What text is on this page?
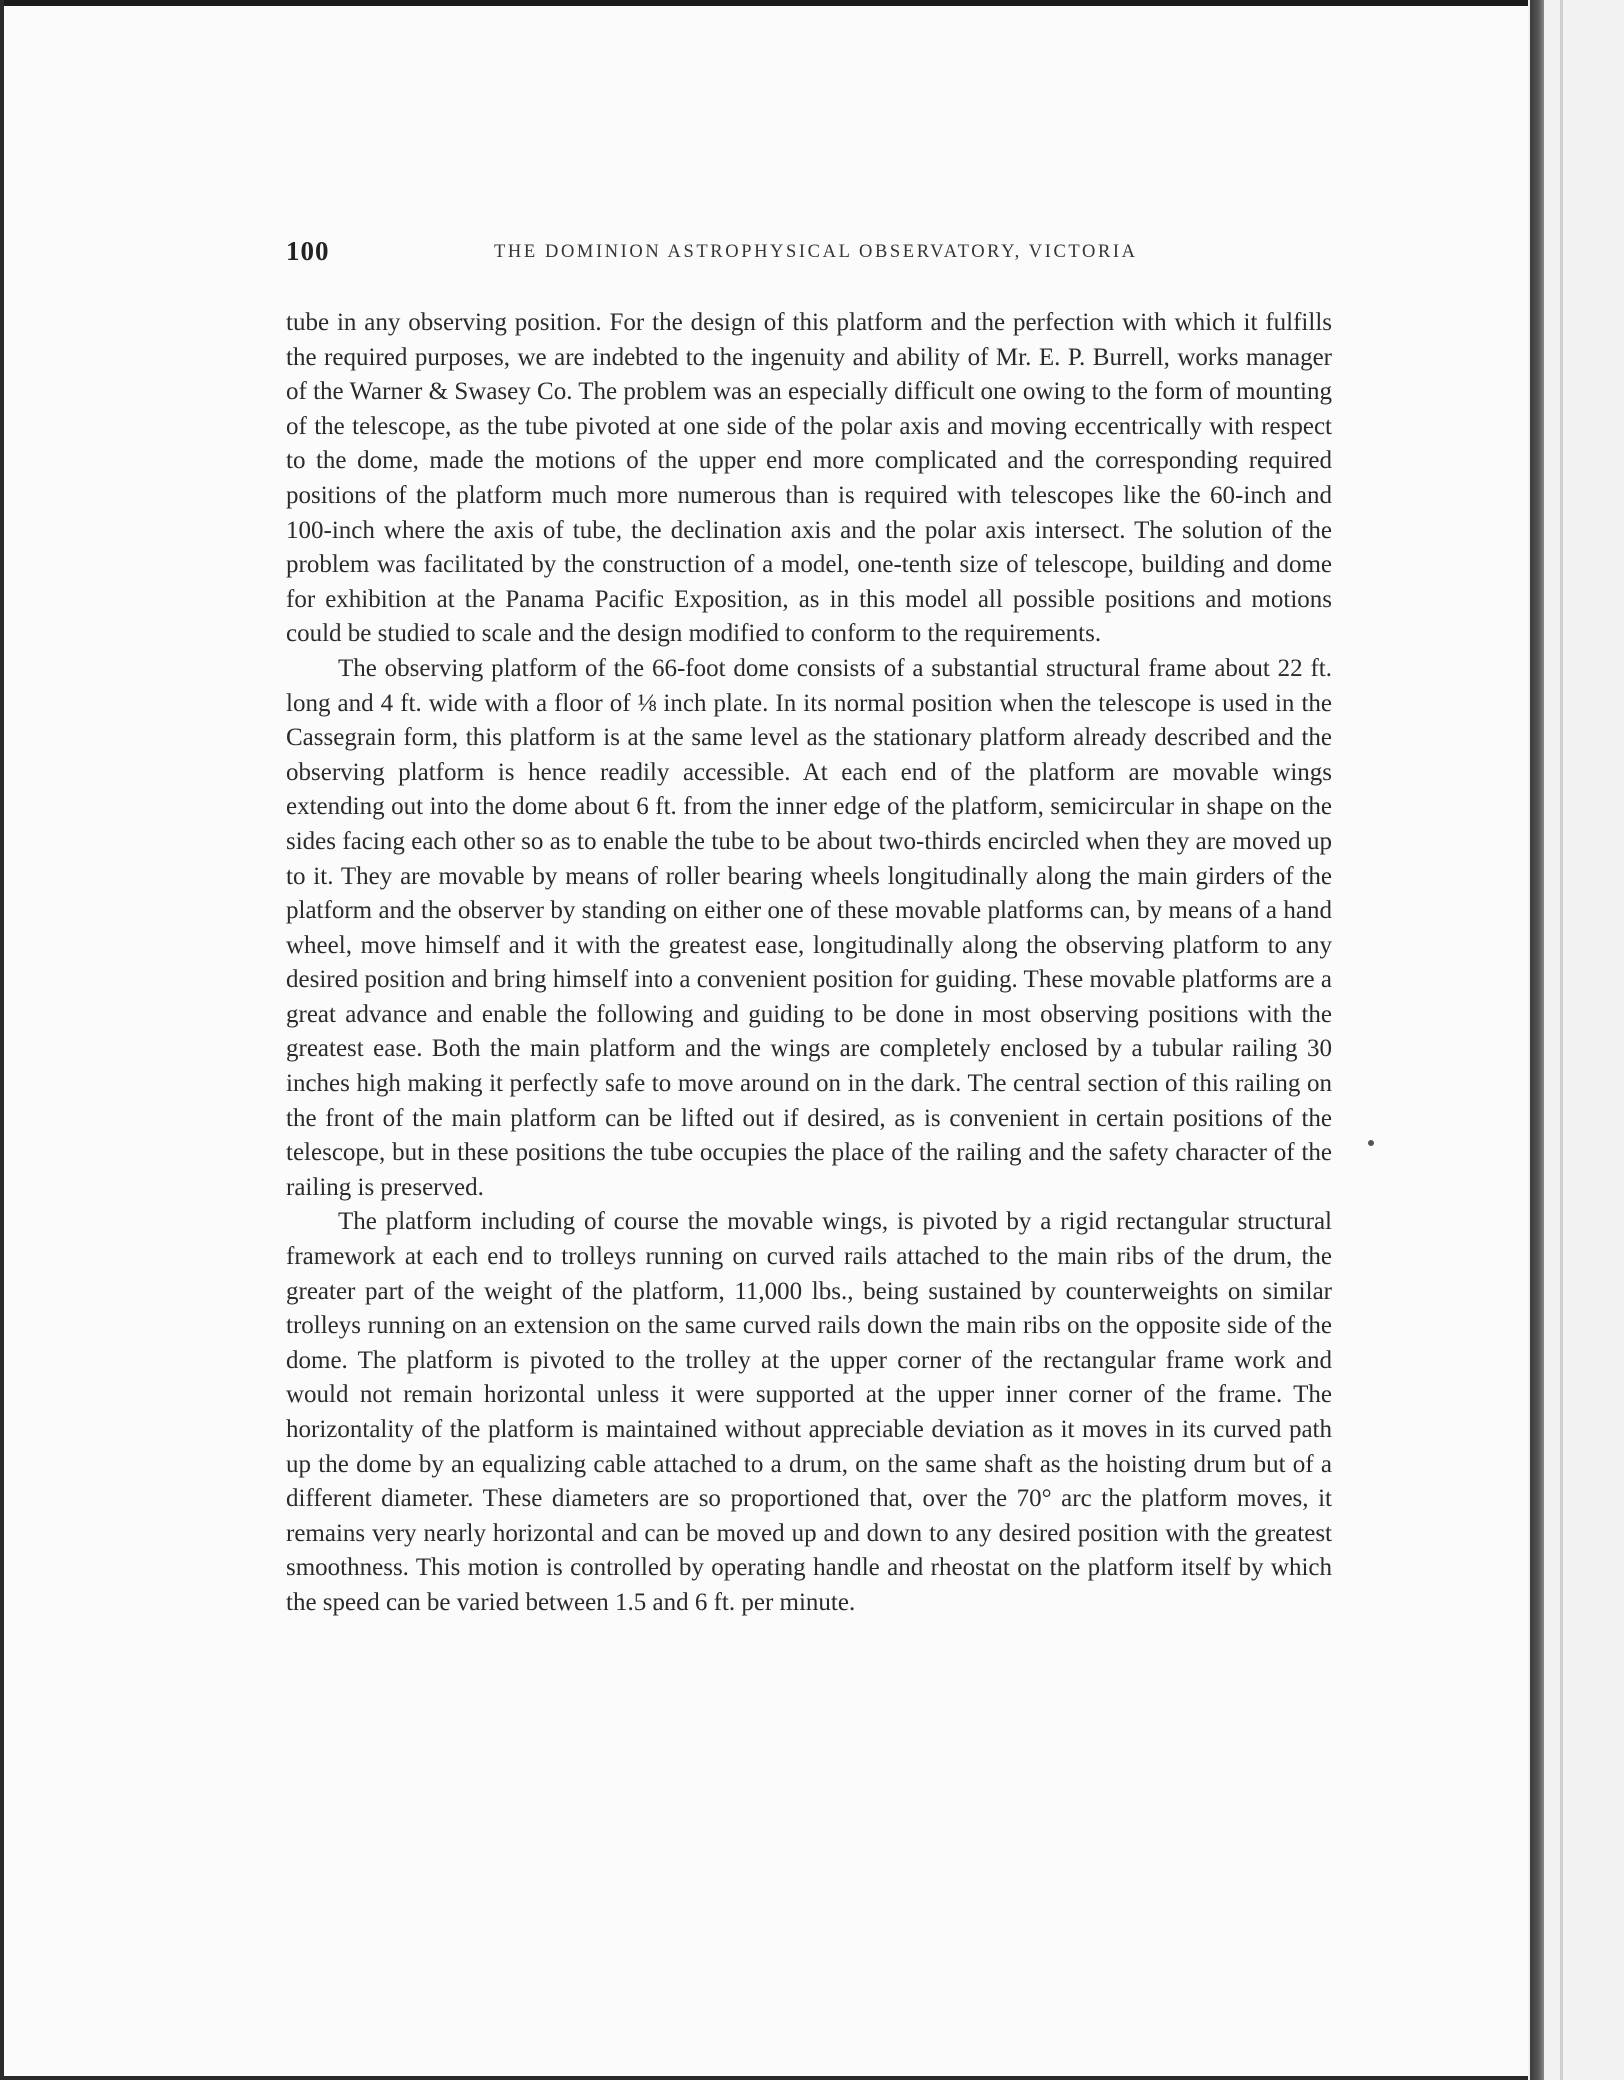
100	THE DOMINION ASTROPHYSICAL OBSERVATORY, VICTORIA

tube in any observing position. For the design of this platform and the perfection with which it fulfills the required purposes, we are indebted to the ingenuity and ability of Mr. E. P. Burrell, works manager of the Warner & Swasey Co. The problem was an especially difficult one owing to the form of mounting of the telescope, as the tube pivoted at one side of the polar axis and moving eccentrically with respect to the dome, made the motions of the upper end more complicated and the corresponding required positions of the platform much more numerous than is required with telescopes like the 60-inch and 100-inch where the axis of tube, the declination axis and the polar axis intersect. The solution of the problem was facilitated by the construction of a model, one-tenth size of telescope, building and dome for exhibition at the Panama Pacific Exposition, as in this model all possible positions and motions could be studied to scale and the design modified to conform to the requirements.

The observing platform of the 66-foot dome consists of a substantial structural frame about 22 ft. long and 4 ft. wide with a floor of ⅛ inch plate. In its normal position when the telescope is used in the Cassegrain form, this platform is at the same level as the stationary platform already described and the observing platform is hence readily accessible. At each end of the platform are movable wings extending out into the dome about 6 ft. from the inner edge of the platform, semicircular in shape on the sides facing each other so as to enable the tube to be about two-thirds encircled when they are moved up to it. They are movable by means of roller bearing wheels longitudinally along the main girders of the platform and the observer by standing on either one of these movable platforms can, by means of a hand wheel, move himself and it with the greatest ease, longitudinally along the observing platform to any desired position and bring himself into a convenient position for guiding. These movable platforms are a great advance and enable the following and guiding to be done in most observing positions with the greatest ease. Both the main platform and the wings are completely enclosed by a tubular railing 30 inches high making it perfectly safe to move around on in the dark. The central section of this railing on the front of the main platform can be lifted out if desired, as is convenient in certain positions of the telescope, but in these positions the tube occupies the place of the railing and the safety character of the railing is preserved.

The platform including of course the movable wings, is pivoted by a rigid rectangular structural framework at each end to trolleys running on curved rails attached to the main ribs of the drum, the greater part of the weight of the platform, 11,000 lbs., being sustained by counterweights on similar trolleys running on an extension on the same curved rails down the main ribs on the opposite side of the dome. The platform is pivoted to the trolley at the upper corner of the rectangular frame work and would not remain horizontal unless it were supported at the upper inner corner of the frame. The horizontality of the platform is maintained without appreciable deviation as it moves in its curved path up the dome by an equalizing cable attached to a drum, on the same shaft as the hoisting drum but of a different diameter. These diameters are so proportioned that, over the 70° arc the platform moves, it remains very nearly horizontal and can be moved up and down to any desired position with the greatest smoothness. This motion is controlled by operating handle and rheostat on the platform itself by which the speed can be varied between 1.5 and 6 ft. per minute.
